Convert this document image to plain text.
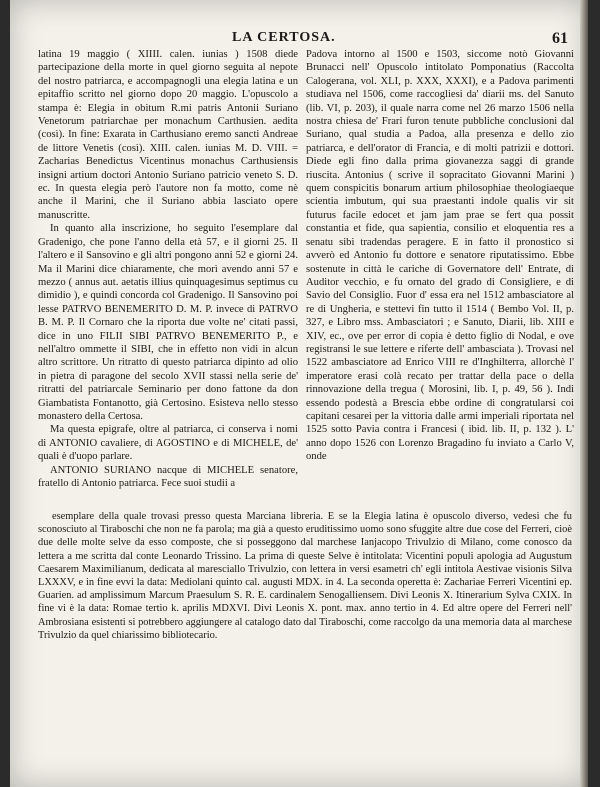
LA CERTOSA.	61

latina 19 maggio ( XIIII. calen. iunias ) 1508 diede partecipazione della morte in quel giorno seguita al nepote del nostro patriarca, e accompagnogli una elegia latina e un epitaffio scritto nel giorno dopo 20 maggio. L'opuscolo a stampa è: Elegia in obitum R.mi patris Antonii Suriano Venetorum patriarchae per monachum Carthusien. aedita (così). In fine: Exarata in Carthusiano eremo sancti Andreae de littore Venetis (così). XIII. calen. iunias M. D. VIII. = Zacharias Benedictus Vicentinus monachus Carthusiensis insigni artium doctori Antonio Suriano patricio veneto S. D. ec. In questa elegia però l'autore non fa motto, come nè anche il Marini, che il Suriano abbia lasciato opere manuscritte.

In quanto alla inscrizione, ho seguito l'esemplare dal Gradenigo, che pone l'anno della età 57, e il giorni 25. Il l'altero e il Sansovino e gli altri pongono anni 52 e giorni 24. Ma il Marini dice chiaramente, che morì avendo anni 57 e mezzo ( annus aut. aetatis illius quinquagesimus septimus cu dimidio ), e quindi concorda col Gradenigo. Il Sansovino poi lesse PATRVO BENEMERITO D. M. P. invece di PATRVO B. M. P. Il Cornaro che la riporta due volte ne' citati passi, dice in uno FILII SIBI PATRVO BENEMERITO P., e nell'altro ommette il SIBI, che in effetto non vidi in alcun altro scrittore. Un ritratto di questo patriarca dipinto ad olio in pietra di paragone del secolo XVII stassi nella serie de' ritratti del patriarcale Seminario per dono fattone da don Giambatista Fontanotto, già Certosino. Esisteva nello stesso monastero della Certosa.

Ma questa epigrafe, oltre al patriarca, ci conserva i nomi di ANTONIO cavaliere, di AGOSTINO e di MICHELE, de' quali è d'uopo parlare.

ANTONIO SURIANO nacque di MICHELE senatore, fratello di Antonio patriarca. Fece suoi studii a

Padova intorno al 1500 e 1503, siccome notò Giovanni Brunacci nell' Opuscolo intitolato Pomponatius (Raccolta Calogerana, vol. XLI, p. XXX, XXXI), e a Padova parimenti studiava nel 1506, come raccogliesi da' diarii ms. del Sanuto (lib. VI, p. 203), il quale narra come nel 26 marzo 1506 nella nostra chiesa de' Frari furon tenute pubbliche conclusioni dal Suriano, qual studia a Padoa, alla presenza e dello zio patriarca, e dell'orator di Francia, e di molti patrizii e dottori. Diede egli fino dalla prima giovanezza saggi di grande riuscita. Antonius ( scrive il sopracitato Giovanni Marini ) quem conspicitis bonarum artium philosophiae theologiaeque scientia imbutum, qui sua praestanti indole qualis vir sit futurus facile edocet et jam jam prae se fert qua possit constantia et fide, qua sapientia, consilio et eloquentia res a senatu sibi tradendas peragere. E in fatto il pronostico si avverò ed Antonio fu dottore e senatore riputatissimo. Ebbe sostenute in città le cariche di Governatore dell' Entrate, di Auditor vecchio, e fu ornato del grado di Consigliere, e di Savio del Consiglio. Fuor d' essa era nel 1512 ambasciatore al re di Ungheria, e stettevi fin tutto il 1514 ( Bembo Vol. II, p. 327, e Libro mss. Ambasciatori ; e Sanuto, Diarii, lib. XIII e XIV, ec., ove per error di copia è detto figlio di Nodal, e ove registransi le sue lettere e riferte dell' ambasciata ). Trovasi nel 1522 ambasciatore ad Enrico VIII re d'Inghilterra, allorchè l' imperatore erasi colà recato per trattar della pace o della rinnovazione della tregua ( Morosini, lib. I, p. 49, 56 ). Indi essendo podestà a Brescia ebbe ordine di congratularsi coi capitani cesarei per la vittoria dalle armi imperiali riportata nel 1525 sotto Pavia contra i Francesi ( ibid. lib. II, p. 132 ). L' anno dopo 1526 con Lorenzo Bragadino fu inviato a Carlo V, onde

esemplare della quale trovasi presso questa Marciana libreria. E se la Elegia latina è opuscolo diverso, vedesi che fu sconosciuto al Tiraboschi che non ne fa parola; ma già a questo eruditissimo uomo sono sfuggite altre due cose del Ferreri, cioè due delle molte selve da esso composte, che si posseggono dal marchese Ianjacopo Trivulzio di Milano, come conosco da lettera a me scritta dal conte Leonardo Trissino. La prima di queste Selve è intitolata: Vicentini populi apologia ad Augustum Caesarem Maximilianum, dedicata al maresciallo Trivulzio, con lettera in versi esametri ch' egli intitola Aestivae visionis Silva LXXXV, e in fine evvi la data: Mediolani quinto cal. augusti MDX. in 4. La seconda operetta è: Zachariae Ferreri Vicentini ep. Guarien. ad amplissimum Marcum Praesulum S. R. E. cardinalem Senogalliensem. Divi Leonis X. Itinerarium Sylva CXIX. In fine vi è la data: Romae tertio k. aprilis MDXVI. Divi Leonis X. pont. max. anno tertio in 4. Ed altre opere del Ferreri nell' Ambrosiana esistenti si potrebbero aggiungere al catalogo dato dal Tiraboschi, come raccolgo da una memoria data al marchese Trivulzio da quel chiarissimo bibliotecario.
